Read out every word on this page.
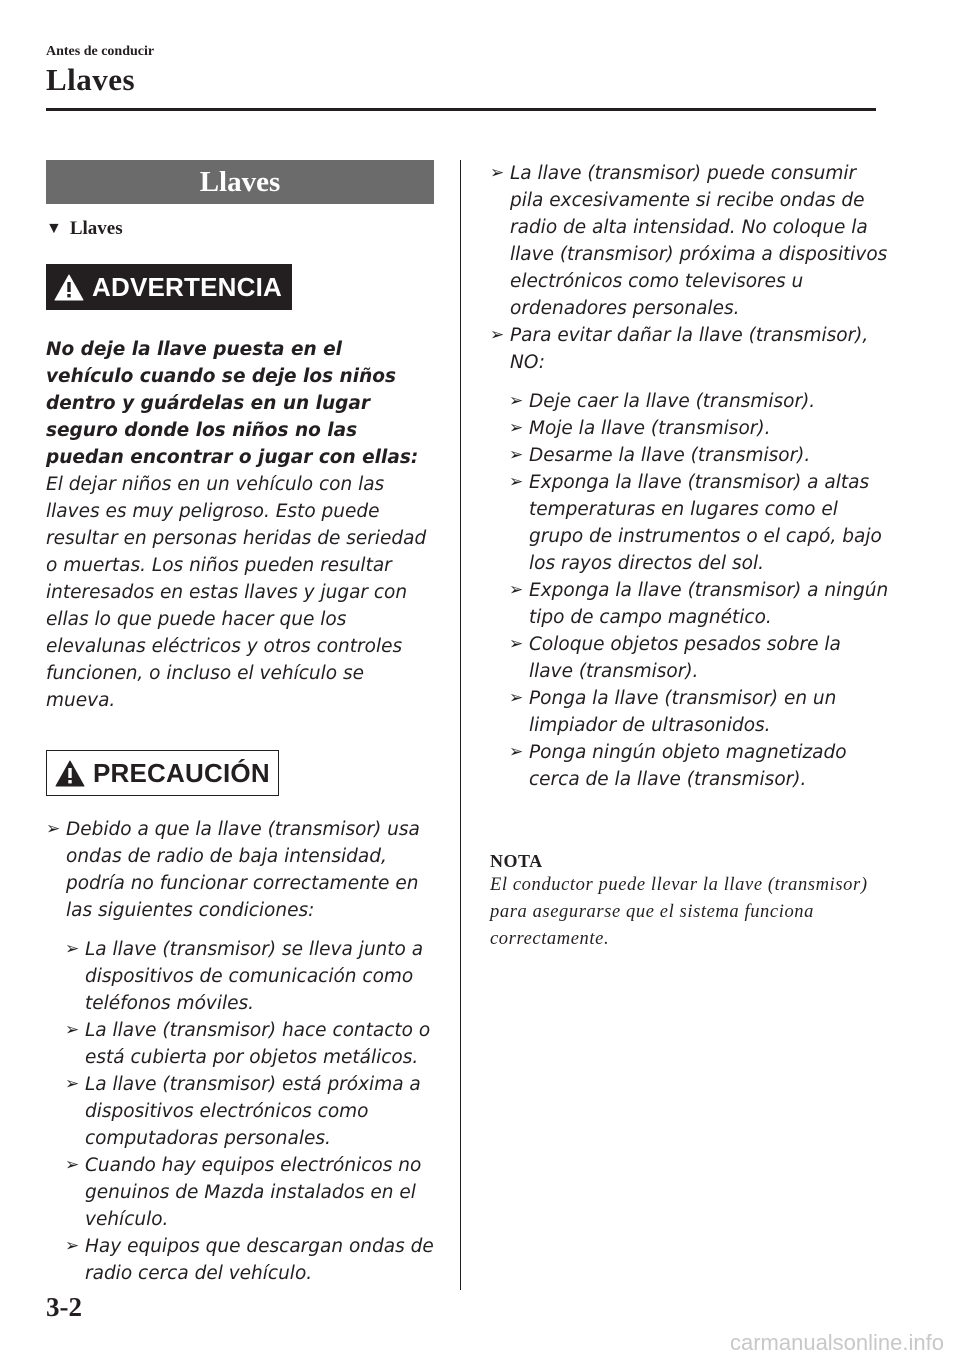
Antes de conducir
Llaves
Llaves
▼ Llaves
ADVERTENCIA
No deje la llave puesta en el vehículo cuando se deje los niños dentro y guárdelas en un lugar seguro donde los niños no las puedan encontrar o jugar con ellas:
El dejar niños en un vehículo con las llaves es muy peligroso. Esto puede resultar en personas heridas de seriedad o muertas. Los niños pueden resultar interesados en estas llaves y jugar con ellas lo que puede hacer que los elevalunas eléctricos y otros controles funcionen, o incluso el vehículo se mueva.
PRECAUCIÓN
➢ Debido a que la llave (transmisor) usa ondas de radio de baja intensidad, podría no funcionar correctamente en las siguientes condiciones:
➢ La llave (transmisor) se lleva junto a dispositivos de comunicación como teléfonos móviles.
➢ La llave (transmisor) hace contacto o está cubierta por objetos metálicos.
➢ La llave (transmisor) está próxima a dispositivos electrónicos como computadoras personales.
➢ Cuando hay equipos electrónicos no genuinos de Mazda instalados en el vehículo.
➢ Hay equipos que descargan ondas de radio cerca del vehículo.
➢ La llave (transmisor) puede consumir pila excesivamente si recibe ondas de radio de alta intensidad. No coloque la llave (transmisor) próxima a dispositivos electrónicos como televisores u ordenadores personales.
➢ Para evitar dañar la llave (transmisor), NO:
➢ Deje caer la llave (transmisor).
➢ Moje la llave (transmisor).
➢ Desarme la llave (transmisor).
➢ Exponga la llave (transmisor) a altas temperaturas en lugares como el grupo de instrumentos o el capó, bajo los rayos directos del sol.
➢ Exponga la llave (transmisor) a ningún tipo de campo magnético.
➢ Coloque objetos pesados sobre la llave (transmisor).
➢ Ponga la llave (transmisor) en un limpiador de ultrasonidos.
➢ Ponga ningún objeto magnetizado cerca de la llave (transmisor).
NOTA
El conductor puede llevar la llave (transmisor) para asegurarse que el sistema funciona correctamente.
3-2
carmanualsonline.info
